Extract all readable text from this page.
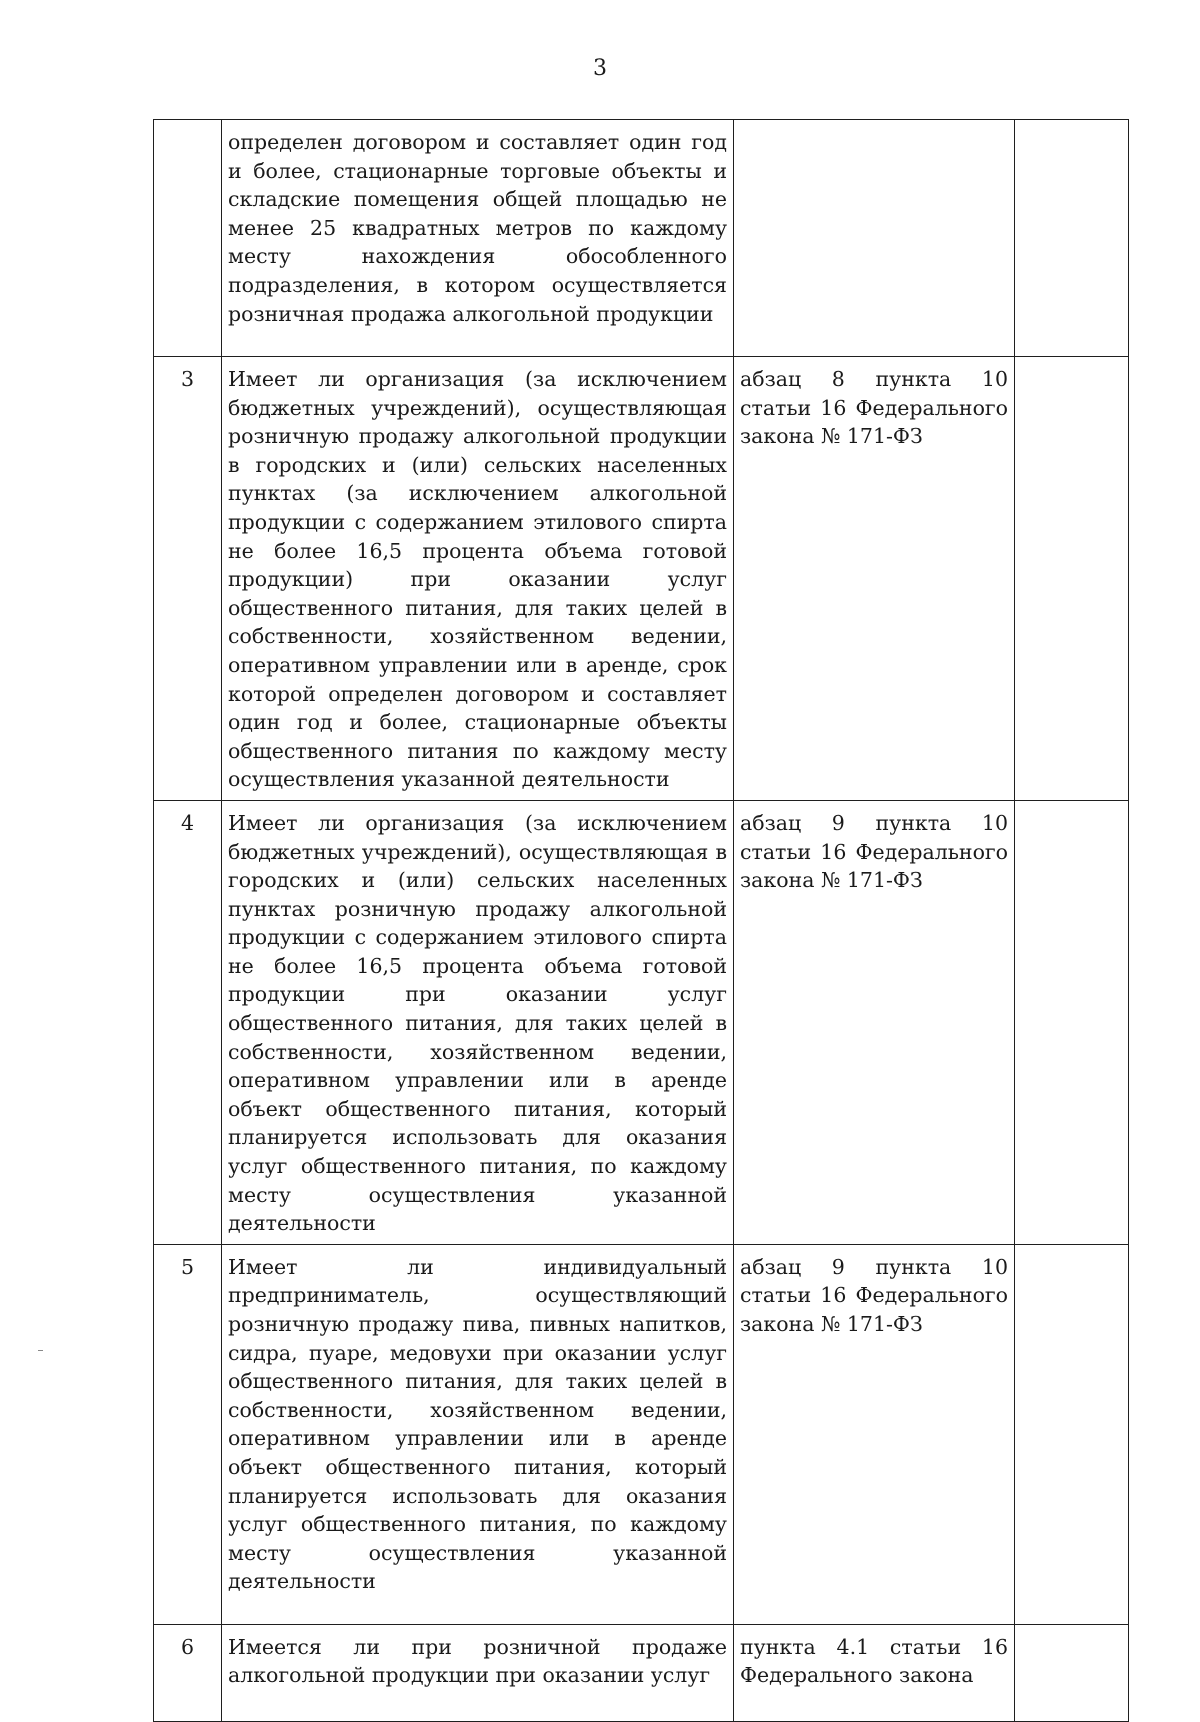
3
	определен договором и составляет один год и более, стационарные торговые объекты и складские помещения общей площадью не менее 25 квадратных метров по каждому месту нахождения обособленного подразделения, в котором осуществляется розничная продажа алкогольной продукции		
3	Имеет ли организация (за исключением бюджетных учреждений), осуществляющая розничную продажу алкогольной продукции в городских и (или) сельских населенных пунктах (за исключением алкогольной продукции с содержанием этилового спирта не более 16,5 процента объема готовой продукции) при оказании услуг общественного питания, для таких целей в собственности, хозяйственном ведении, оперативном управлении или в аренде, срок которой определен договором и составляет один год и более, стационарные объекты общественного питания по каждому месту осуществления указанной деятельности	абзац 8 пункта 10 статьи 16 Федерального закона № 171-ФЗ	
4	Имеет ли организация (за исключением бюджетных учреждений), осуществляющая в городских и (или) сельских населенных пунктах розничную продажу алкогольной продукции с содержанием этилового спирта не более 16,5 процента объема готовой продукции при оказании услуг общественного питания, для таких целей в собственности, хозяйственном ведении, оперативном управлении или в аренде объект общественного питания, который планируется использовать для оказания услуг общественного питания, по каждому месту осуществления указанной деятельности	абзац 9 пункта 10 статьи 16 Федерального закона № 171-ФЗ	
5	Имеет ли индивидуальный предприниматель, осуществляющий розничную продажу пива, пивных напитков, сидра, пуаре, медовухи при оказании услуг общественного питания, для таких целей в собственности, хозяйственном ведении, оперативном управлении или в аренде объект общественного питания, который планируется использовать для оказания услуг общественного питания, по каждому месту осуществления указанной деятельности	абзац 9 пункта 10 статьи 16 Федерального закона № 171-ФЗ	
6	Имеется ли при розничной продаже алкогольной продукции при оказании услуг	пункта 4.1 статьи 16 Федерального закона	
